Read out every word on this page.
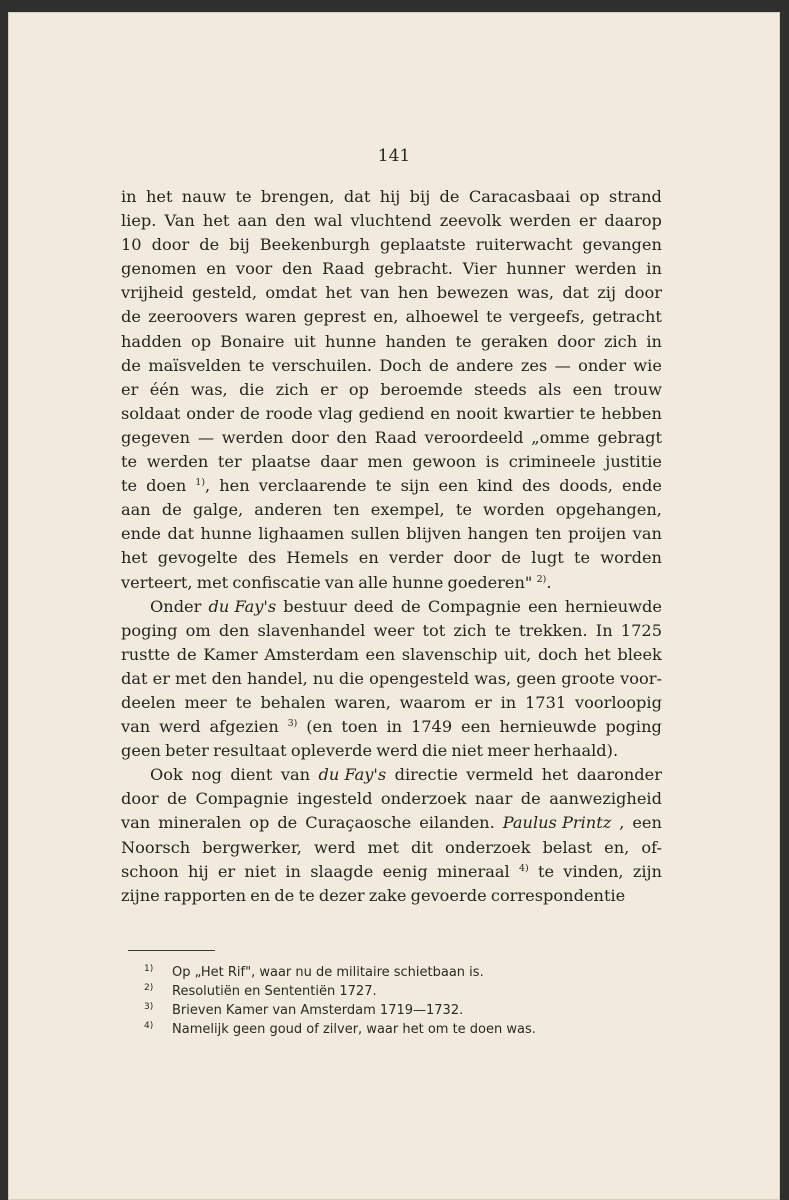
141
in het nauw te brengen, dat hij bij de Caracasbaai op strand
liep. Van het aan den wal vluchtend zeevolk werden er daarop
10 door de bij Beekenburgh geplaatste ruiterwacht gevangen
genomen en voor den Raad gebracht. Vier hunner werden in
vrijheid gesteld, omdat het van hen bewezen was, dat zij door
de zeeroovers waren geprest en, alhoewel te vergeefs, getracht
hadden op Bonaire uit hunne handen te geraken door zich in
de maïsvelden te verschuilen. Doch de andere zes — onder wie
er één was, die zich er op beroemde steeds als een trouw
soldaat onder de roode vlag gediend en nooit kwartier te hebben
gegeven — werden door den Raad veroordeeld „omme gebragt
te werden ter plaatse daar men gewoon is crimineele justitie
te doen $^{1)}$, hen verclaarende te sijn een kind des doods, ende
aan de galge, anderen ten exempel, te worden opgehangen,
ende dat hunne lighaamen sullen blijven hangen ten proijen van
het gevogelte des Hemels en verder door de lugt te worden
verteert, met confiscatie van alle hunne goederen" $^{2)}$.
Onder du Fay's bestuur deed de Compagnie een hernieuwde
poging om den slavenhandel weer tot zich te trekken. In 1725
rustte de Kamer Amsterdam een slavenschip uit, doch het bleek
dat er met den handel, nu die opengesteld was, geen groote voor-
deelen meer te behalen waren, waarom er in 1731 voorloopig
van werd afgezien $^{3)}$ (en toen in 1749 een hernieuwde poging
geen beter resultaat opleverde werd die niet meer herhaald).
Ook nog dient van du Fay's directie vermeld het daaronder
door de Compagnie ingesteld onderzoek naar de aanwezigheid
van mineralen op de Curaçaosche eilanden. Paulus Printz , een
Noorsch bergwerker, werd met dit onderzoek belast en, of-
schoon hij er niet in slaagde eenig mineraal $^{4)}$ te vinden, zijn
zijne rapporten en de te dezer zake gevoerde correspondentie
$^{1)}$ Op „Het Rif", waar nu de militaire schietbaan is.
$^{2)}$ Resolutiën en Sententiën 1727.
$^{3)}$ Brieven Kamer van Amsterdam 1719—1732.
$^{4)}$ Namelijk geen goud of zilver, waar het om te doen was.
